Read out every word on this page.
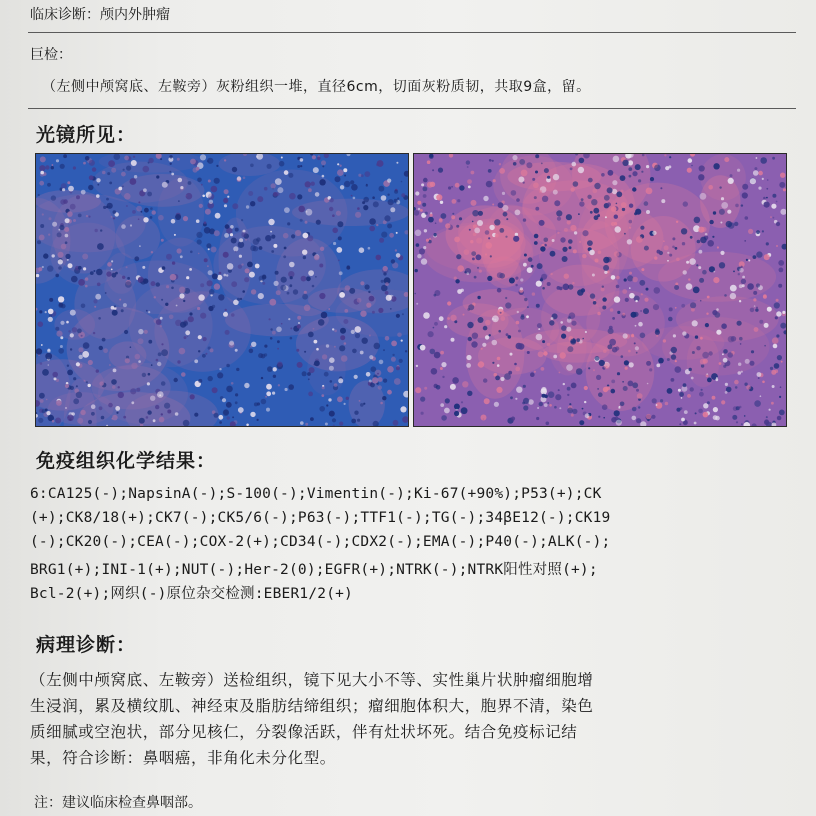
临床诊断：颅内外肿瘤
巨检：
（左侧中颅窝底、左鞍旁）灰粉组织一堆，直径6cm，切面灰粉质韧，共取9盒，留。
光镜所见：
免疫组织化学结果：
6:CA125(-);NapsinA(-);S-100(-);Vimentin(-);Ki-67(+90%);P53(+);CK
(+);CK8/18(+);CK7(-);CK5/6(-);P63(-);TTF1(-);TG(-);34βE12(-);CK19
(-);CK20(-);CEA(-);COX-2(+);CD34(-);CDX2(-);EMA(-);P40(-);ALK(-);
BRG1(+);INI-1(+);NUT(-);Her-2(0);EGFR(+);NTRK(-);NTRK阳性对照(+);
Bcl-2(+);网织(-)原位杂交检测:EBER1/2(+)
病理诊断：
（左侧中颅窝底、左鞍旁）送检组织，镜下见大小不等、实性巢片状肿瘤细胞增
生浸润，累及横纹肌、神经束及脂肪结缔组织；瘤细胞体积大，胞界不清，染色
质细腻或空泡状，部分见核仁，分裂像活跃，伴有灶状坏死。结合免疫标记结
果，符合诊断：鼻咽癌，非角化未分化型。
注：建议临床检查鼻咽部。
